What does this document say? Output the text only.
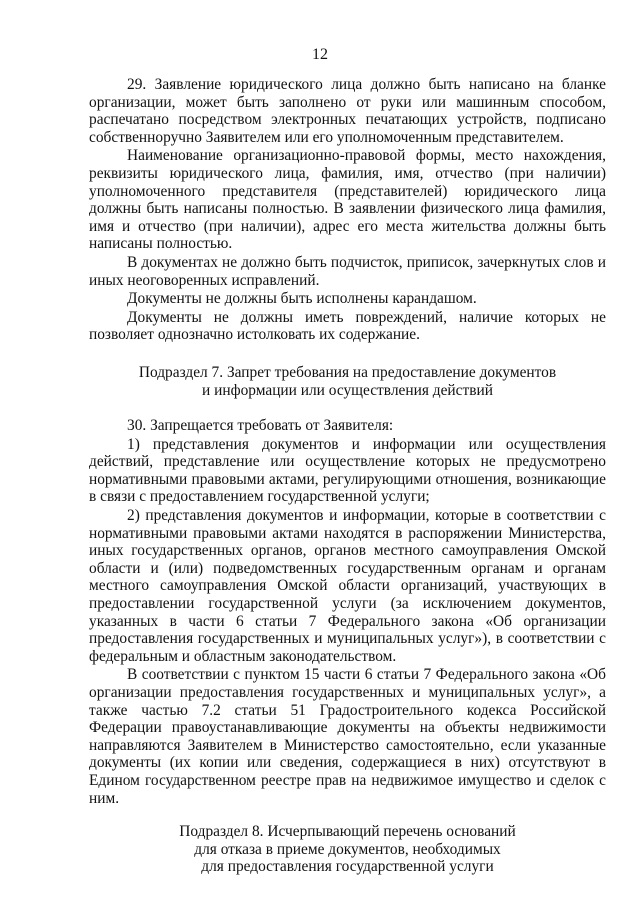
12

29. Заявление юридического лица должно быть написано на бланке организации, может быть заполнено от руки или машинным способом, распечатано посредством электронных печатающих устройств, подписано собственноручно Заявителем или его уполномоченным представителем.

Наименование организационно-правовой формы, место нахождения, реквизиты юридического лица, фамилия, имя, отчество (при наличии) уполномоченного представителя (представителей) юридического лица должны быть написаны полностью. В заявлении физического лица фамилия, имя и отчество (при наличии), адрес его места жительства должны быть написаны полностью.

В документах не должно быть подчисток, приписок, зачеркнутых слов и иных неоговоренных исправлений.

Документы не должны быть исполнены карандашом.

Документы не должны иметь повреждений, наличие которых не позволяет однозначно истолковать их содержание.

Подраздел 7. Запрет требования на предоставление документов
и информации или осуществления действий

30. Запрещается требовать от Заявителя:

1) представления документов и информации или осуществления действий, представление или осуществление которых не предусмотрено нормативными правовыми актами, регулирующими отношения, возникающие в связи с предоставлением государственной услуги;

2) представления документов и информации, которые в соответствии с нормативными правовыми актами находятся в распоряжении Министерства, иных государственных органов, органов местного самоуправления Омской области и (или) подведомственных государственным органам и органам местного самоуправления Омской области организаций, участвующих в предоставлении государственной услуги (за исключением документов, указанных в части 6 статьи 7 Федерального закона «Об организации предоставления государственных и муниципальных услуг»), в соответствии с федеральным и областным законодательством.

В соответствии с пунктом 15 части 6 статьи 7 Федерального закона «Об организации предоставления государственных и муниципальных услуг», а также частью 7.2 статьи 51 Градостроительного кодекса Российской Федерации правоустанавливающие документы на объекты недвижимости направляются Заявителем в Министерство самостоятельно, если указанные документы (их копии или сведения, содержащиеся в них) отсутствуют в Едином государственном реестре прав на недвижимое имущество и сделок с ним.

Подраздел 8. Исчерпывающий перечень оснований
для отказа в приеме документов, необходимых
для предоставления государственной услуги
